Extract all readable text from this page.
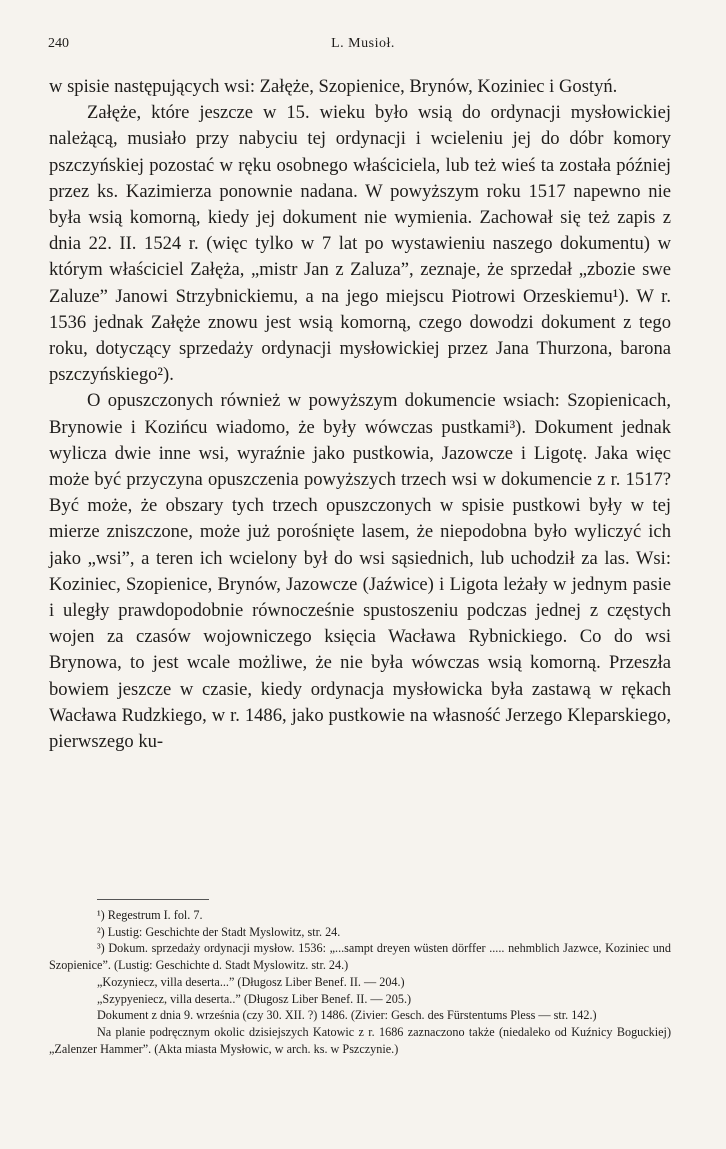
240	L. Musioł.

w spisie następujących wsi: Załęże, Szopienice, Brynów, Koziniec i Gostyń.

Załęże, które jeszcze w 15. wieku było wsią do ordynacji mysłowickiej należącą, musiało przy nabyciu tej ordynacji i wcieleniu jej do dóbr komory pszczyńskiej pozostać w ręku osobnego właściciela, lub też wieś ta została później przez ks. Kazimierza ponownie nadana. W powyższym roku 1517 napewno nie była wsią komorną, kiedy jej dokument nie wymienia. Zachował się też zapis z dnia 22. II. 1524 r. (więc tylko w 7 lat po wystawieniu naszego dokumentu) w którym właściciel Załęża, „mistr Jan z Zaluza”, zeznaje, że sprzedał „zbozie swe Zaluze” Janowi Strzybnickiemu, a na jego miejscu Piotrowi Orzeskiemu¹). W r. 1536 jednak Załęże znowu jest wsią komorną, czego dowodzi dokument z tego roku, dotyczący sprzedaży ordynacji mysłowickiej przez Jana Thurzona, barona pszczyńskiego²).

O opuszczonych również w powyższym dokumencie wsiach: Szopienicach, Brynowie i Kozińcu wiadomo, że były wówczas pustkami³). Dokument jednak wylicza dwie inne wsi, wyraźnie jako pustkowia, Jazowcze i Ligotę. Jaka więc może być przyczyna opuszczenia powyższych trzech wsi w dokumencie z r. 1517? Być może, że obszary tych trzech opuszczonych w spisie pustkowi były w tej mierze zniszczone, może już porośnięte lasem, że niepodobna było wyliczyć ich jako „wsi”, a teren ich wcielony był do wsi sąsiednich, lub uchodził za las. Wsi: Koziniec, Szopienice, Brynów, Jazowcze (Jaźwice) i Ligota leżały w jednym pasie i uległy prawdopodobnie równocześnie spustoszeniu podczas jednej z częstych wojen za czasów wojowniczego księcia Wacława Rybnickiego. Co do wsi Brynowa, to jest wcale możliwe, że nie była wówczas wsią komorną. Przeszła bowiem jeszcze w czasie, kiedy ordynacja mysłowicka była zastawą w rękach Wacława Rudzkiego, w r. 1486, jako pustkowie na własność Jerzego Kleparskiego, pierwszego ku-

¹) Regestrum I. fol. 7.

²) Lustig: Geschichte der Stadt Myslowitz, str. 24.

³) Dokum. sprzedaży ordynacji mysłow. 1536: „...sampt dreyen wüsten dörffer ..... nehmblich Jazwce, Koziniec und Szopienice”. (Lustig: Geschichte d. Stadt Myslowitz. str. 24.)

„Kozyniecz, villa deserta...” (Długosz Liber Benef. II. — 204.)

„Szypyeniecz, villa deserta..” (Długosz Liber Benef. II. — 205.)

Dokument z dnia 9. września (czy 30. XII. ?) 1486. (Zivier: Gesch. des Fürstentums Pless — str. 142.)

Na planie podręcznym okolic dzisiejszych Katowic z r. 1686 zaznaczono także (niedaleko od Kuźnicy Boguckiej) „Zalenzer Hammer”. (Akta miasta Mysłowic, w arch. ks. w Pszczynie.)
